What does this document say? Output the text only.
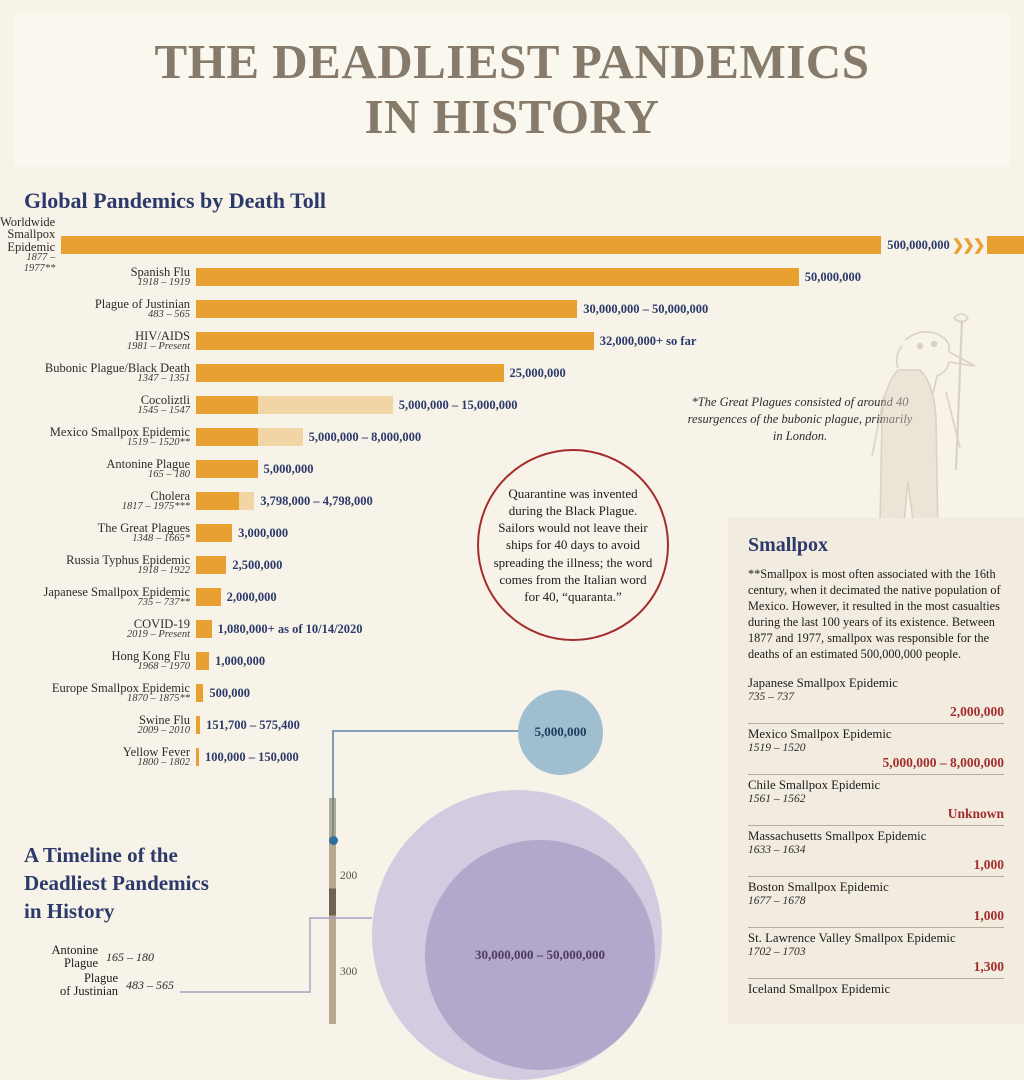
THE DEADLIEST PANDEMICS
IN HISTORY
Global Pandemics by Death Toll
Worldwide Smallpox Epidemic
1877 – 1977**
500,000,000 ❯❯❯
Spanish Flu
1918 – 1919	50,000,000
Plague of Justinian
483 – 565	30,000,000 – 50,000,000
HIV/AIDS
1981 – Present	32,000,000+ so far
Bubonic Plague/Black Death
1347 – 1351	25,000,000
Cocoliztli
1545 – 1547	5,000,000 – 15,000,000
Mexico Smallpox Epidemic
1519 – 1520**	5,000,000 – 8,000,000
Antonine Plague
165 – 180	5,000,000
Cholera
1817 – 1975***	3,798,000 – 4,798,000
The Great Plagues
1348 – 1665*	3,000,000
Russia Typhus Epidemic
1918 – 1922	2,500,000
Japanese Smallpox Epidemic
735 – 737**	2,000,000
COVID-19
2019 – Present 1,080,000+ as of 10/14/2020
Hong Kong Flu
1968 – 1970 1,000,000
Europe Smallpox Epidemic
1870 – 1875** 500,000
Swine Flu
2009 – 2010 151,700 – 575,400
Yellow Fever
1800 – 1802 100,000 – 150,000

Quarantine was invented during the Black Plague. Sailors would not leave their ships for 40 days to avoid spreading the illness; the word comes from the Italian word for 40, “quaranta.”

*The Great Plagues consisted of around 40 resurgences of the bubonic plague, primarily in London.
Smallpox
**Smallpox is most often associated with the 16th century, when it decimated the native population of Mexico. However, it resulted in the most casualties during the last 100 years of its existence. Between 1877 and 1977, smallpox was responsible for the deaths of an estimated 500,000,000 people.
Japanese Smallpox Epidemic
735 – 737
2,000,000
Mexico Smallpox Epidemic
1519 – 1520
5,000,000 – 8,000,000
Chile Smallpox Epidemic
1561 – 1562
Unknown
Massachusetts Smallpox Epidemic
1633 – 1634
1,000
Boston Smallpox Epidemic
1677 – 1678
1,000
St. Lawrence Valley Smallpox Epidemic
1702 – 1703
1,300
Iceland Smallpox Epidemic
A Timeline of the
Deadliest Pandemics
in History
Antonine
Plague 165 – 180
Plague
of Justinian 483 – 565
200
300
5,000,000
30,000,000 – 50,000,000
